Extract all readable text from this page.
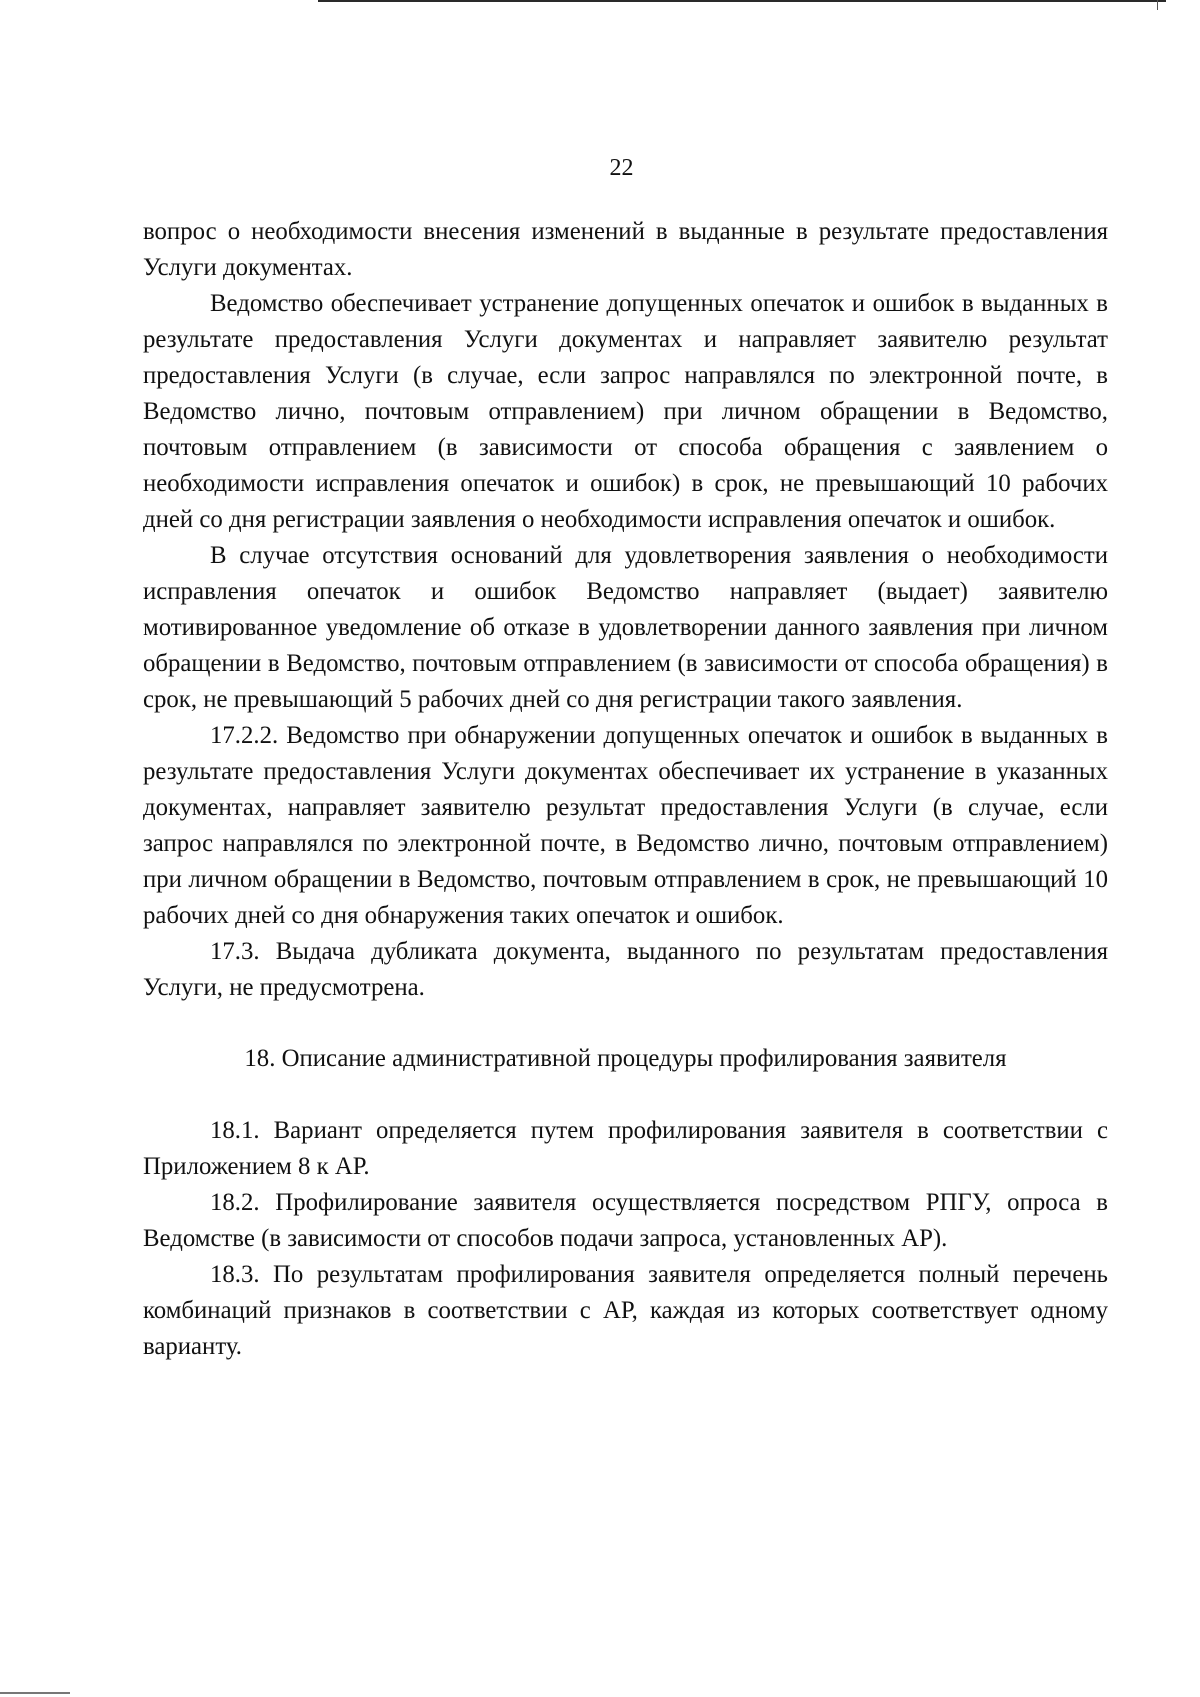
22

вопрос о необходимости внесения изменений в выданные в результате предоставления Услуги документах.

Ведомство обеспечивает устранение допущенных опечаток и ошибок в выданных в результате предоставления Услуги документах и направляет заявителю результат предоставления Услуги (в случае, если запрос направлялся по электронной почте, в Ведомство лично, почтовым отправлением) при личном обращении в Ведомство, почтовым отправлением (в зависимости от способа обращения с заявлением о необходимости исправления опечаток и ошибок) в срок, не превышающий 10 рабочих дней со дня регистрации заявления о необходимости исправления опечаток и ошибок.

В случае отсутствия оснований для удовлетворения заявления о необходимости исправления опечаток и ошибок Ведомство направляет (выдает) заявителю мотивированное уведомление об отказе в удовлетворении данного заявления при личном обращении в Ведомство, почтовым отправлением (в зависимости от способа обращения) в срок, не превышающий 5 рабочих дней со дня регистрации такого заявления.

17.2.2. Ведомство при обнаружении допущенных опечаток и ошибок в выданных в результате предоставления Услуги документах обеспечивает их устранение в указанных документах, направляет заявителю результат предоставления Услуги (в случае, если запрос направлялся по электронной почте, в Ведомство лично, почтовым отправлением) при личном обращении в Ведомство, почтовым отправлением в срок, не превышающий 10 рабочих дней со дня обнаружения таких опечаток и ошибок.

17.3. Выдача дубликата документа, выданного по результатам предоставления Услуги, не предусмотрена.

18. Описание административной процедуры профилирования заявителя

18.1. Вариант определяется путем профилирования заявителя в соответствии с Приложением 8 к АР.

18.2. Профилирование заявителя осуществляется посредством РПГУ, опроса в Ведомстве (в зависимости от способов подачи запроса, установленных АР).

18.3. По результатам профилирования заявителя определяется полный перечень комбинаций признаков в соответствии с АР, каждая из которых соответствует одному варианту.
